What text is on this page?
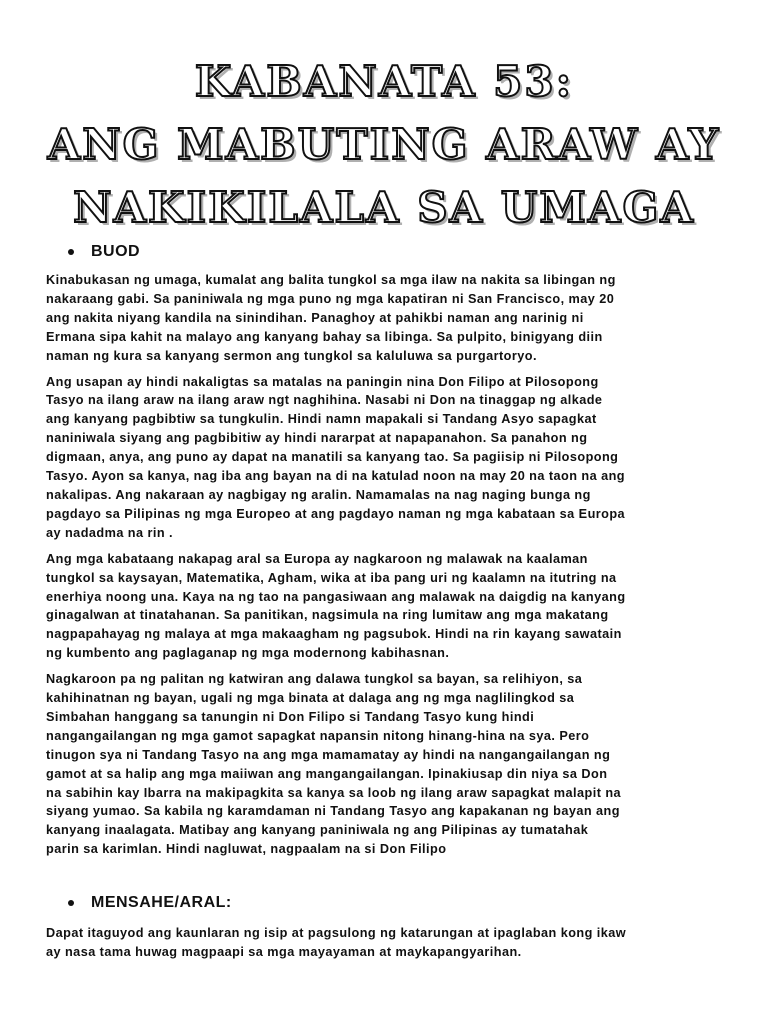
KABANATA 53:
ANG MABUTING ARAW AY
NAKIKILALA SA UMAGA
BUOD

Kinabukasan ng umaga, kumalat ang balita tungkol sa mga ilaw na nakita sa libingan ng
nakaraang gabi. Sa paniniwala ng mga puno ng mga kapatiran ni San Francisco, may 20
ang nakita niyang kandila na sinindihan. Panaghoy at pahikbi naman ang narinig ni
Ermana sipa kahit na malayo ang kanyang bahay sa libinga. Sa pulpito, binigyang diin
naman ng kura sa kanyang sermon ang tungkol sa kaluluwa sa purgartoryo.

Ang usapan ay hindi nakaligtas sa matalas na paningin nina Don Filipo at Pilosopong
Tasyo na ilang araw na ilang araw ngt naghihina. Nasabi ni Don na tinaggap ng alkade
ang kanyang pagbibtiw sa tungkulin. Hindi namn mapakali si Tandang Asyo sapagkat
naniniwala siyang ang pagbibitiw ay hindi nararpat at napapanahon. Sa panahon ng
digmaan, anya, ang puno ay dapat na manatili sa kanyang tao. Sa pagiisip ni Pilosopong
Tasyo. Ayon sa kanya, nag iba ang bayan na di na katulad noon na may 20 na taon na ang
nakalipas. Ang nakaraan ay nagbigay ng aralin. Namamalas na nag naging bunga ng
pagdayo sa Pilipinas ng mga Europeo at ang pagdayo naman ng mga kabataan sa Europa
ay nadadma na rin .

Ang mga kabataang nakapag aral sa Europa ay nagkaroon ng malawak na kaalaman
tungkol sa kaysayan, Matematika, Agham, wika at iba pang uri ng kaalamn na itutring na
enerhiya noong una. Kaya na ng tao na pangasiwaan ang malawak na daigdig na kanyang
ginagalwan at tinatahanan. Sa panitikan, nagsimula na ring lumitaw ang mga makatang
nagpapahayag ng malaya at mga makaagham ng pagsubok. Hindi na rin kayang sawatain
ng kumbento ang paglaganap ng mga modernong kabihasnan.

Nagkaroon pa ng palitan ng katwiran ang dalawa tungkol sa bayan, sa relihiyon, sa
kahihinatnan ng bayan, ugali ng mga binata at dalaga ang ng mga naglilingkod sa
Simbahan hanggang sa tanungin ni Don Filipo si Tandang Tasyo kung hindi
nangangailangan ng mga gamot sapagkat napansin nitong hinang-hina na sya. Pero
tinugon sya ni Tandang Tasyo na ang mga mamamatay ay hindi na nangangailangan ng
gamot at sa halip ang mga maiiwan ang mangangailangan. Ipinakiusap din niya sa Don
na sabihin kay Ibarra na makipagkita sa kanya sa loob ng ilang araw sapagkat malapit na
siyang yumao. Sa kabila ng karamdaman ni Tandang Tasyo ang kapakanan ng bayan ang
kanyang inaalagata. Matibay ang kanyang paniniwala ng ang Pilipinas ay tumatahak
parin sa karimlan. Hindi nagluwat, nagpaalam na si Don Filipo

MENSAHE/ARAL:

Dapat itaguyod ang kaunlaran ng isip at pagsulong ng katarungan at ipaglaban kong ikaw
ay nasa tama huwag magpaapi sa mga mayayaman at maykapangyarihan.
